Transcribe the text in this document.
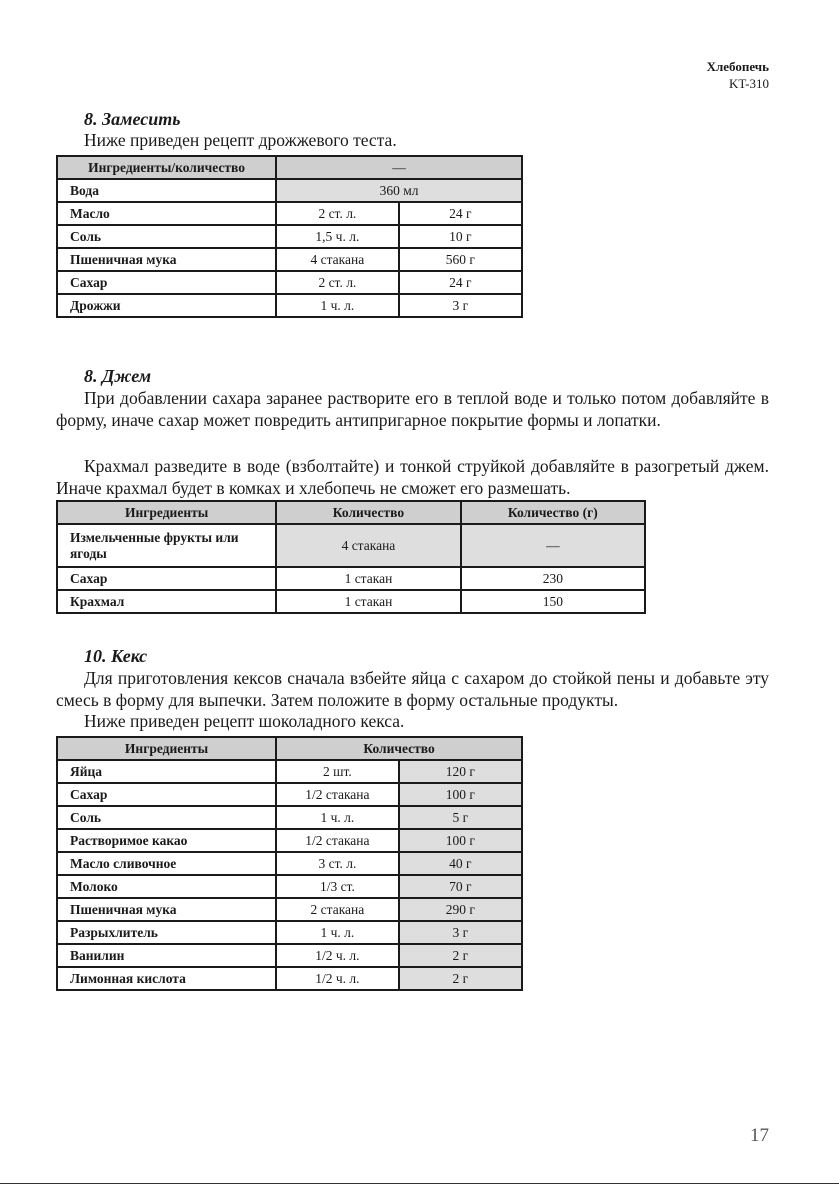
Хлебопечь
KT-310
8. Замесить
Ниже приведен рецепт дрожжевого теста.
Ингредиенты/количество	—	
Вода	360 мл	
Масло	2 ст. л.	24 г
Соль	1,5 ч. л.	10 г
Пшеничная мука	4 стакана	560 г
Сахар	2 ст. л.	24 г
Дрожжи	1 ч. л.	3 г
8. Джем

При добавлении сахара заранее растворите его в теплой воде и только потом добавляйте в форму, иначе сахар может повредить антипригарное покрытие формы и лопатки.

Крахмал разведите в воде (взболтайте) и тонкой струйкой добавляйте в разогретый джем. Иначе крахмал будет в комках и хлебопечь не сможет его размешать.

Ингредиенты	Количество	Количество (г)
Измельченные фрукты или ягоды	4 стакана	—
Сахар	1 стакан	230
Крахмал	1 стакан	150
10. Кекс

Для приготовления кексов сначала взбейте яйца с сахаром до стойкой пены и добавьте эту смесь в форму для выпечки. Затем положите в форму остальные продукты.

Ниже приведен рецепт шоколадного кекса.
Ингредиенты	Количество	
Яйца	2 шт.	120 г
Сахар	1/2 стакана	100 г
Соль	1 ч. л.	5 г
Растворимое какао	1/2 стакана	100 г
Масло сливочное	3 ст. л.	40 г
Молоко	1/3 ст.	70 г
Пшеничная мука	2 стакана	290 г
Разрыхлитель	1 ч. л.	3 г
Ванилин	1/2 ч. л.	2 г
Лимонная кислота	1/2 ч. л.	2 г
17
